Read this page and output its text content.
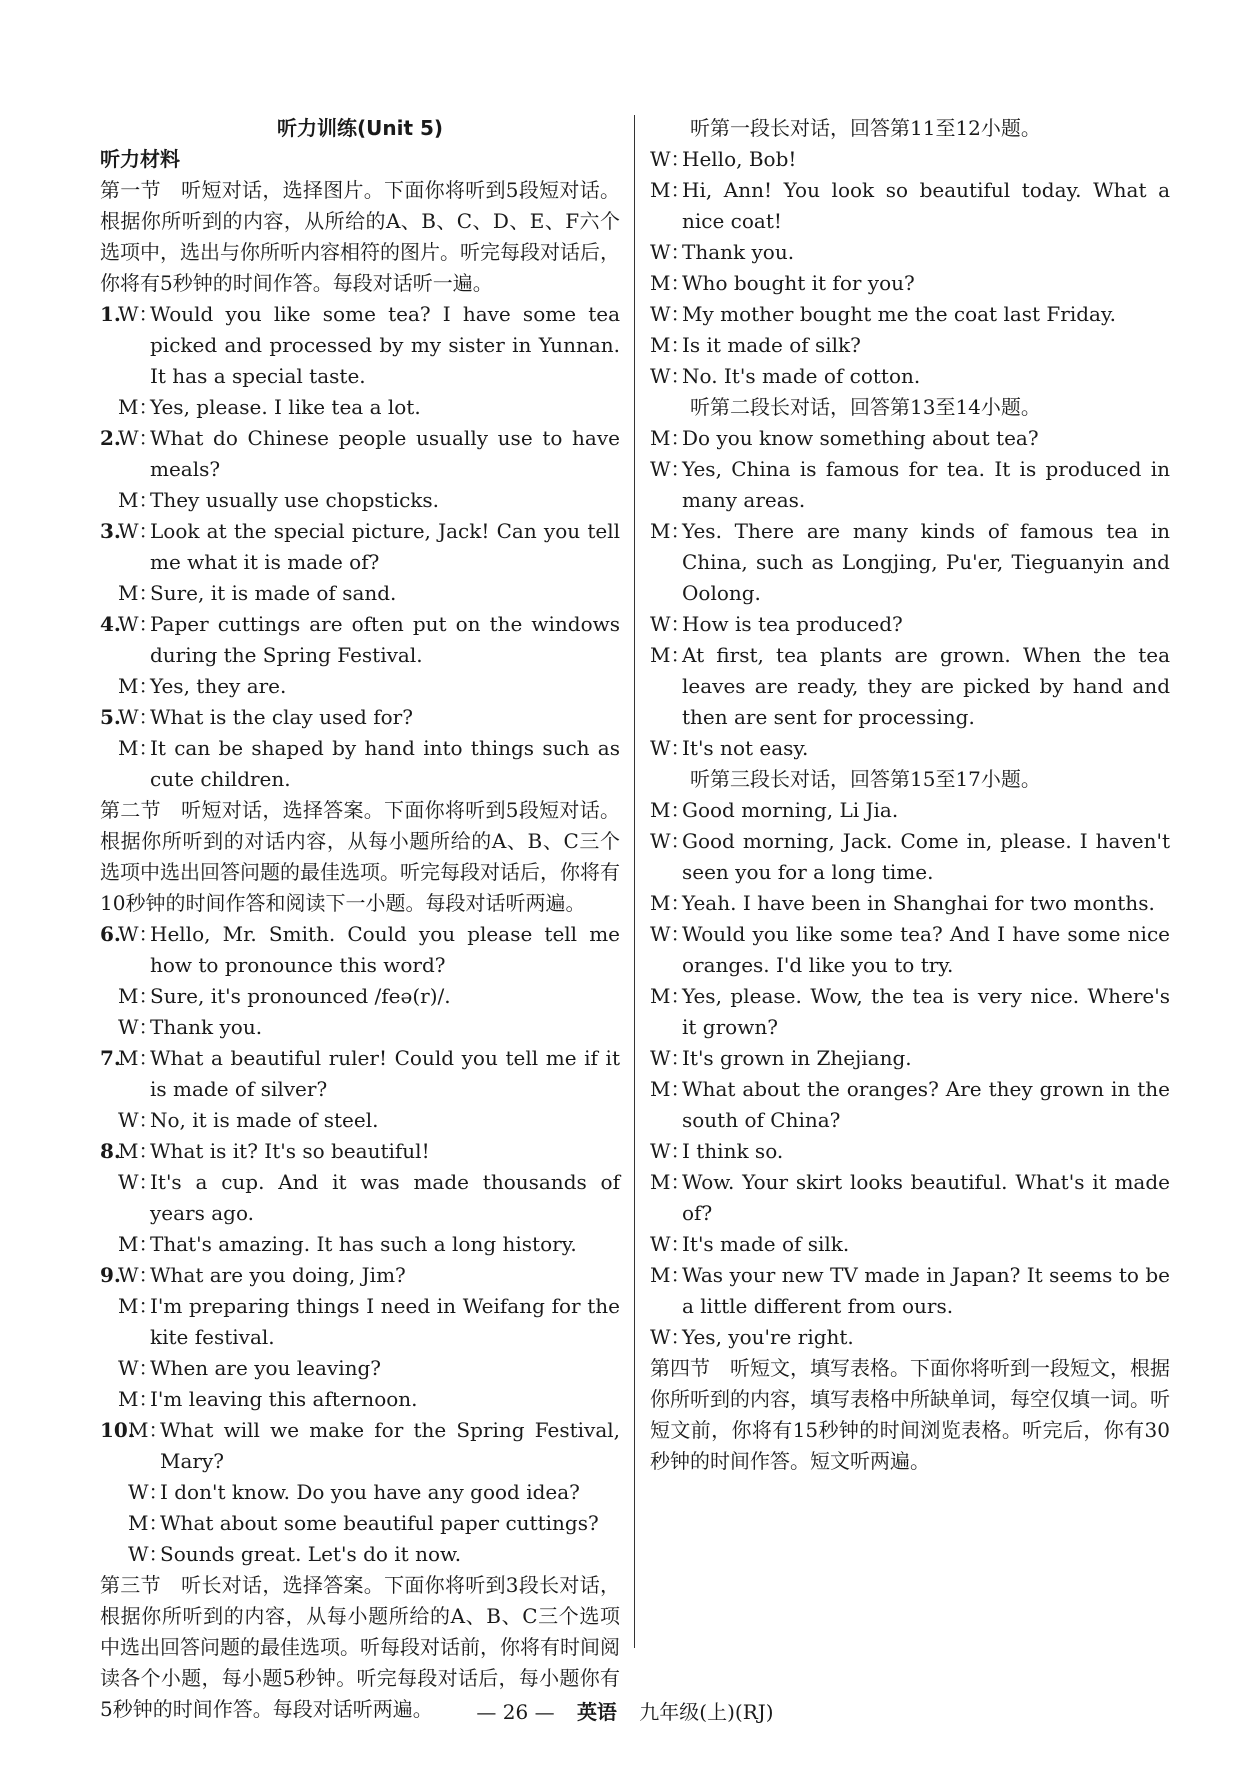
听力训练(Unit 5)
听力材料
第一节　听短对话，选择图片。下面你将听到5段短对话。根据你所听到的内容，从所给的A、B、C、D、E、F六个选项中，选出与你所听内容相符的图片。听完每段对话后，你将有5秒钟的时间作答。每段对话听一遍。
1.
W：
Would you like some tea? I have some tea picked and processed by my sister in Yunnan. It has a special taste.
M：
Yes, please. I like tea a lot.
2.
W：
What do Chinese people usually use to have meals?
M：
They usually use chopsticks.
3.
W：
Look at the special picture, Jack! Can you tell me what it is made of?
M：
Sure, it is made of sand.
4.
W：
Paper cuttings are often put on the windows during the Spring Festival.
M：
Yes, they are.
5.
W：
What is the clay used for?
M：
It can be shaped by hand into things such as cute children.
第二节　听短对话，选择答案。下面你将听到5段短对话。根据你所听到的对话内容，从每小题所给的A、B、C三个选项中选出回答问题的最佳选项。听完每段对话后，你将有10秒钟的时间作答和阅读下一小题。每段对话听两遍。
6.
W：
Hello, Mr. Smith. Could you please tell me how to pronounce this word?
M：
Sure, it's pronounced /feə(r)/.
W：
Thank you.
7.
M：
What a beautiful ruler! Could you tell me if it is made of silver?
W：
No, it is made of steel.
8.
M：
What is it? It's so beautiful!
W：
It's a cup. And it was made thousands of years ago.
M：
That's amazing. It has such a long history.
9.
W：
What are you doing, Jim?
M：
I'm preparing things I need in Weifang for the kite festival.
W：
When are you leaving?
M：
I'm leaving this afternoon.
10.
M：
What will we make for the Spring Festival, Mary?
W：
I don't know. Do you have any good idea?
M：
What about some beautiful paper cuttings?
W：
Sounds great. Let's do it now.
第三节　听长对话，选择答案。下面你将听到3段长对话，根据你所听到的内容，从每小题所给的A、B、C三个选项中选出回答问题的最佳选项。听每段对话前，你将有时间阅读各个小题，每小题5秒钟。听完每段对话后，每小题你有5秒钟的时间作答。每段对话听两遍。
听第一段长对话，回答第11至12小题。
W：
Hello, Bob!
M：
Hi, Ann! You look so beautiful today. What a nice coat!
W：
Thank you.
M：
Who bought it for you?
W：
My mother bought me the coat last Friday.
M：
Is it made of silk?
W：
No. It's made of cotton.
听第二段长对话，回答第13至14小题。
M：
Do you know something about tea?
W：
Yes, China is famous for tea. It is produced in many areas.
M：
Yes. There are many kinds of famous tea in China, such as Longjing, Pu'er, Tieguanyin and Oolong.
W：
How is tea produced?
M：
At first, tea plants are grown. When the tea leaves are ready, they are picked by hand and then are sent for processing.
W：
It's not easy.
听第三段长对话，回答第15至17小题。
M：
Good morning, Li Jia.
W：
Good morning, Jack. Come in, please. I haven't seen you for a long time.
M：
Yeah. I have been in Shanghai for two months.
W：
Would you like some tea? And I have some nice oranges. I'd like you to try.
M：
Yes, please. Wow, the tea is very nice. Where's it grown?
W：
It's grown in Zhejiang.
M：
What about the oranges? Are they grown in the south of China?
W：
I think so.
M：
Wow. Your skirt looks beautiful. What's it made of?
W：
It's made of silk.
M：
Was your new TV made in Japan? It seems to be a little different from ours.
W：
Yes, you're right.
第四节　听短文，填写表格。下面你将听到一段短文，根据你所听到的内容，填写表格中所缺单词，每空仅填一词。听短文前，你将有15秒钟的时间浏览表格。听完后，你有30秒钟的时间作答。短文听两遍。
— 26 — 英语 九年级(上)(RJ)
